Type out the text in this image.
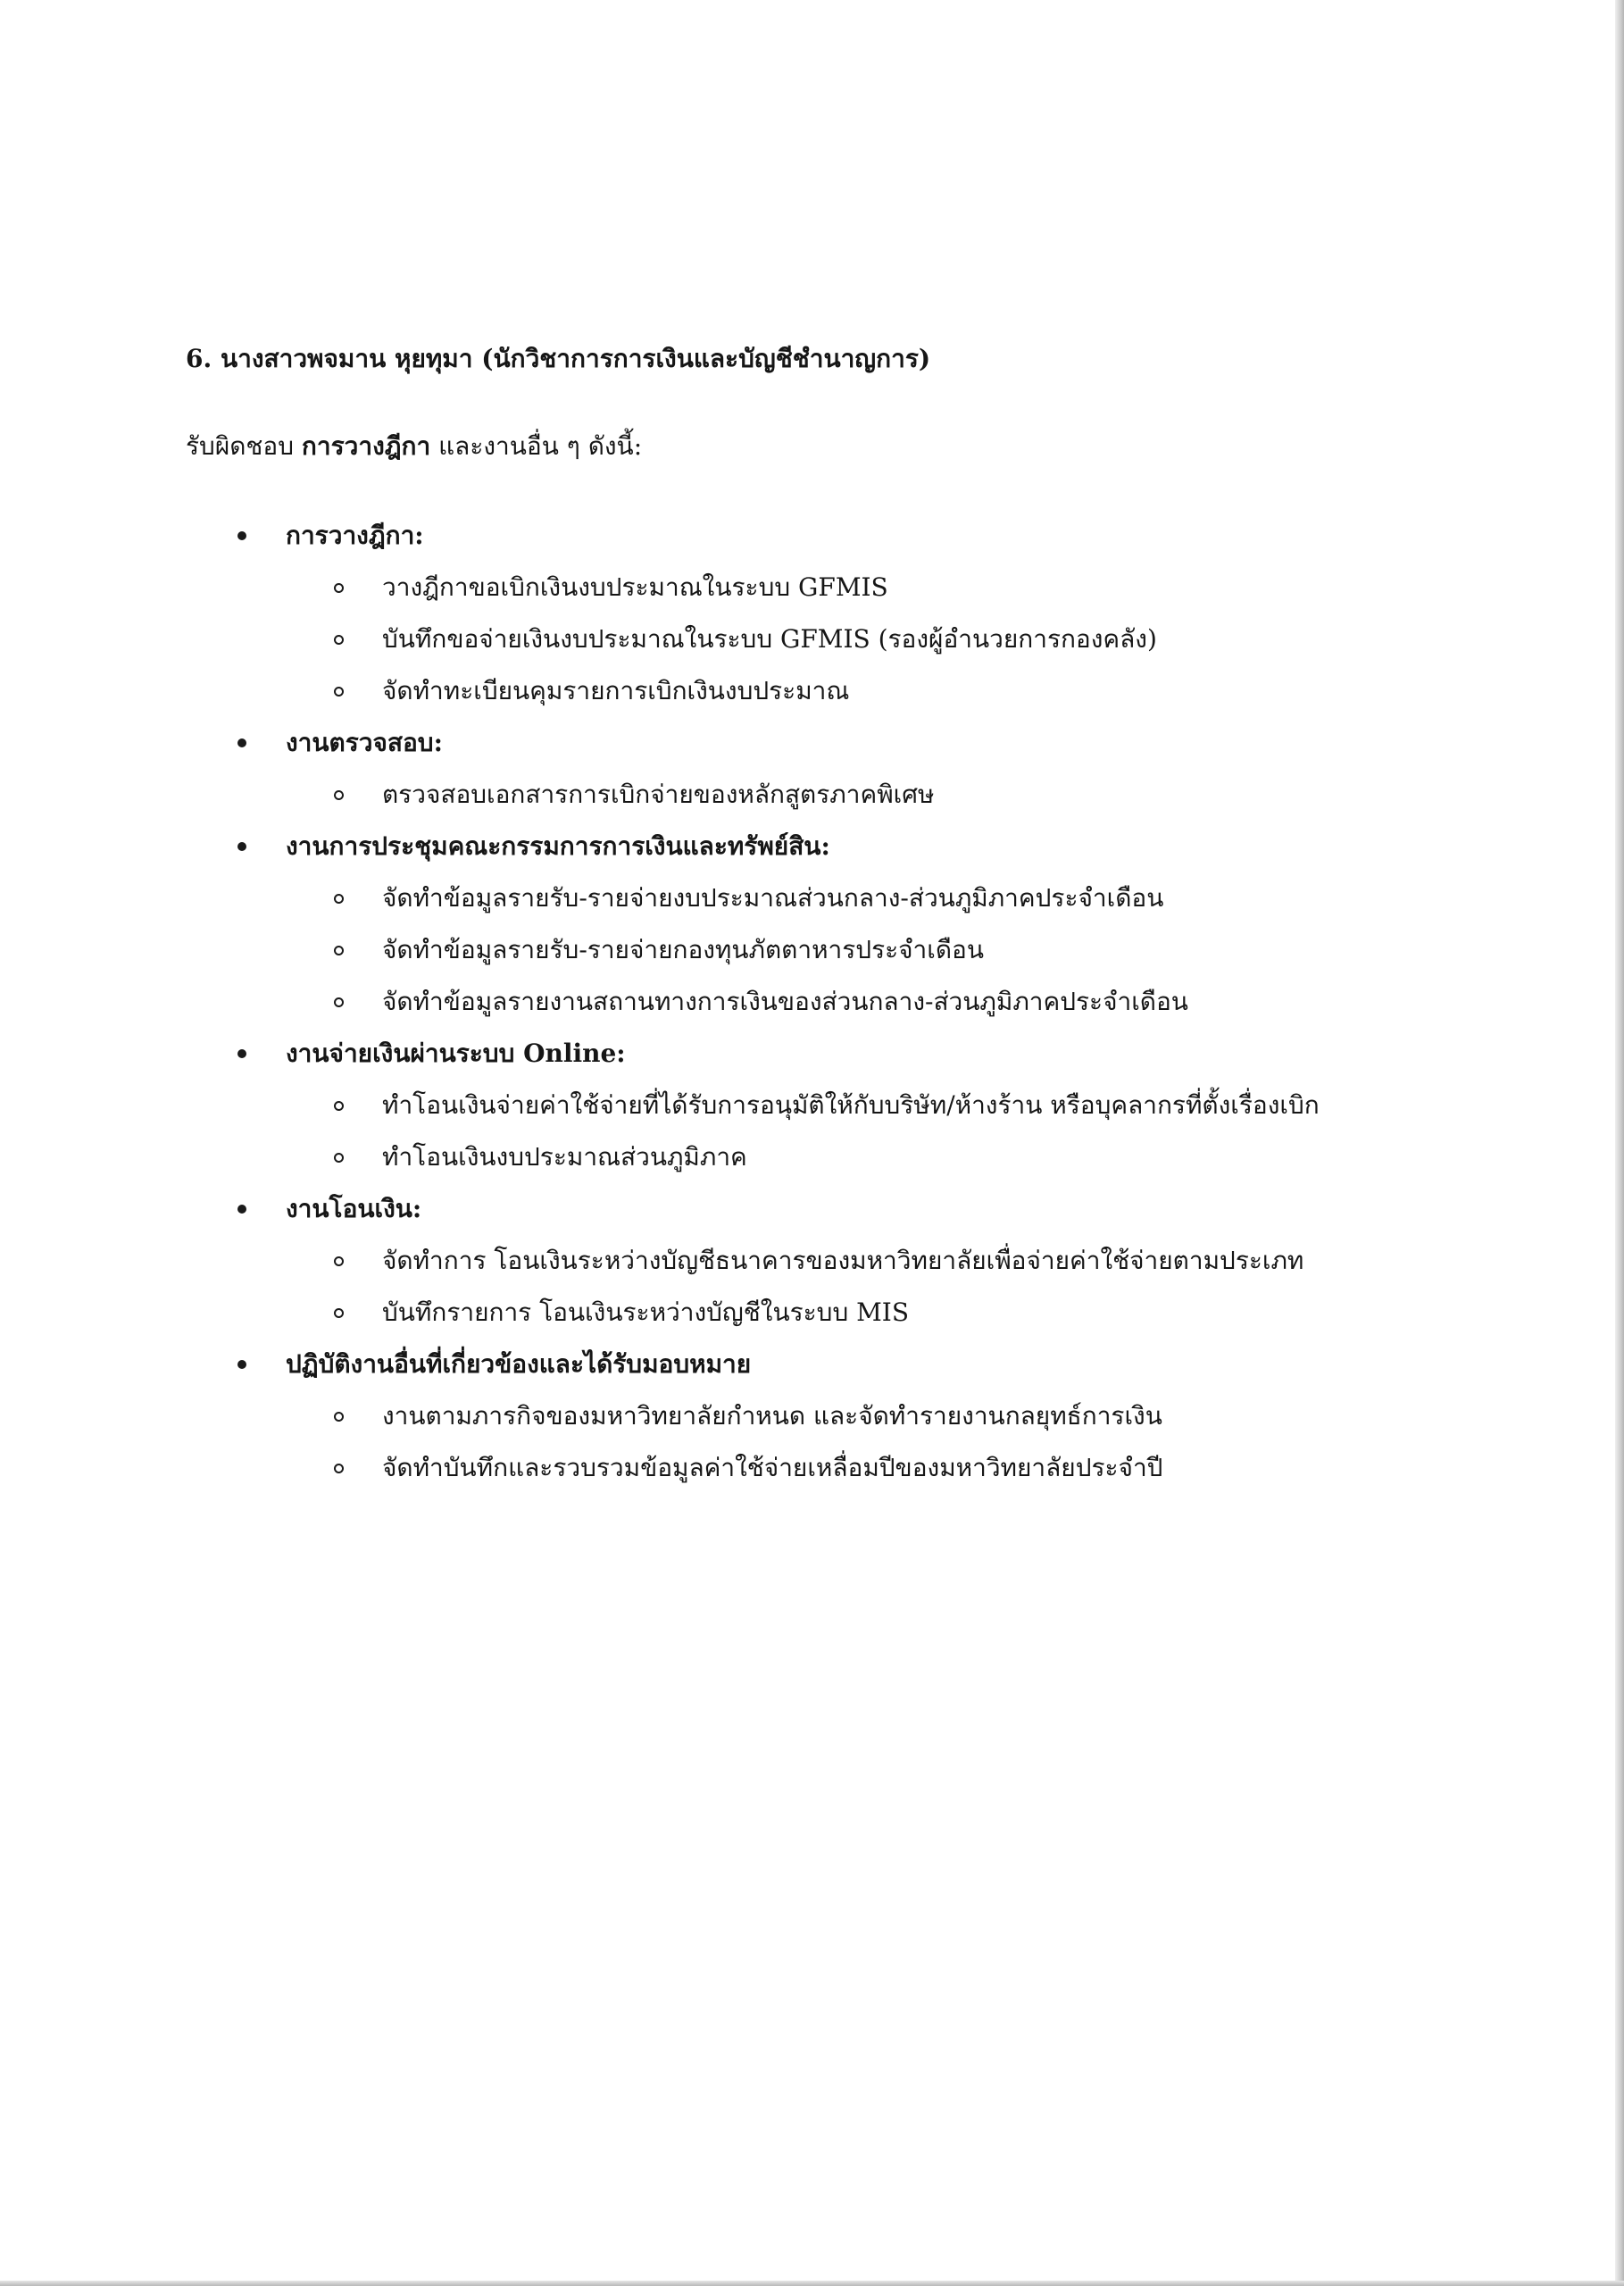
6. นางสาวพจมาน หุยทุมา (นักวิชาการการเงินและบัญชีชำนาญการ)

รับผิดชอบ การวางฎีกา และงานอื่น ๆ ดังนี้:

การวางฎีกา:
วางฎีกาขอเบิกเงินงบประมาณในระบบ GFMIS
บันทึกขอจ่ายเงินงบประมาณในระบบ GFMIS (รองผู้อำนวยการกองคลัง)
จัดทำทะเบียนคุมรายการเบิกเงินงบประมาณ
งานตรวจสอบ:
ตรวจสอบเอกสารการเบิกจ่ายของหลักสูตรภาคพิเศษ
งานการประชุมคณะกรรมการการเงินและทรัพย์สิน:
จัดทำข้อมูลรายรับ-รายจ่ายงบประมาณส่วนกลาง-ส่วนภูมิภาคประจำเดือน
จัดทำข้อมูลรายรับ-รายจ่ายกองทุนภัตตาหารประจำเดือน
จัดทำข้อมูลรายงานสถานทางการเงินของส่วนกลาง-ส่วนภูมิภาคประจำเดือน
งานจ่ายเงินผ่านระบบ Online:
ทำโอนเงินจ่ายค่าใช้จ่ายที่ได้รับการอนุมัติให้กับบริษัท/ห้างร้าน หรือบุคลากรที่ตั้งเรื่องเบิก
ทำโอนเงินงบประมาณส่วนภูมิภาค
งานโอนเงิน:
จัดทำการ โอนเงินระหว่างบัญชีธนาคารของมหาวิทยาลัยเพื่อจ่ายค่าใช้จ่ายตามประเภท
บันทึกรายการ โอนเงินระหว่างบัญชีในระบบ MIS
ปฏิบัติงานอื่นที่เกี่ยวข้องและได้รับมอบหมาย
งานตามภารกิจของมหาวิทยาลัยกำหนด และจัดทำรายงานกลยุทธ์การเงิน
จัดทำบันทึกและรวบรวมข้อมูลค่าใช้จ่ายเหลื่อมปีของมหาวิทยาลัยประจำปี
